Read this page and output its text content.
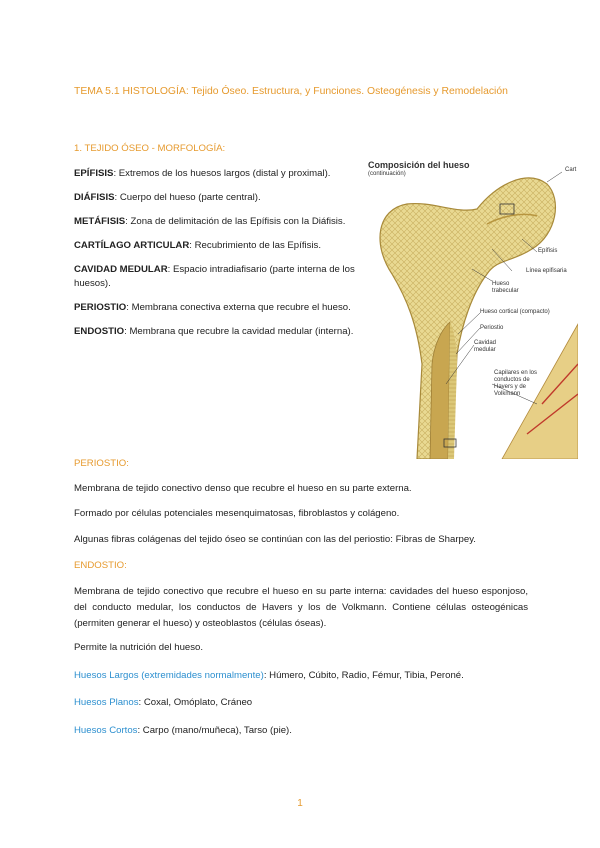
TEMA 5.1 HISTOLOGÍA: Tejido Óseo. Estructura, y Funciones. Osteogénesis y Remodelación
1. TEJIDO ÓSEO - MORFOLOGÍA:

EPÍFISIS: Extremos de los huesos largos (distal y proximal).

DIÁFISIS: Cuerpo del hueso (parte central).

METÁFISIS: Zona de delimitación de las Epífisis con la Diáfisis.

CARTÍLAGO ARTICULAR: Recubrimiento de las Epífisis.

CAVIDAD MEDULAR: Espacio intradiafisario (parte interna de los huesos).

PERIOSTIO: Membrana conectiva externa que recubre el hueso.

ENDOSTIO: Membrana que recubre la cavidad medular (interna).

Composición del hueso
(continuación)
Cart
Línea epifisaria
Epífisis
Hueso trabecular
Hueso cortical (compacto)
Periostio
Cavidad medular
Capilares en los conductos de Havers y de Volkmann
PERIOSTIO:
Membrana de tejido conectivo denso que recubre el hueso en su parte externa.
Formado por células potenciales mesenquimatosas, fibroblastos y colágeno.
Algunas fibras colágenas del tejido óseo se continúan con las del periostio: Fibras de Sharpey.
ENDOSTIO:
Membrana de tejido conectivo que recubre el hueso en su parte interna: cavidades del hueso esponjoso, del conducto medular, los conductos de Havers y los de Volkmann. Contiene células osteogénicas (permiten generar el hueso) y osteoblastos (células óseas).
Permite la nutrición del hueso.
Huesos Largos (extremidades normalmente): Húmero, Cúbito, Radio, Fémur, Tibia, Peroné.
Huesos Planos: Coxal, Omóplato, Cráneo
Huesos Cortos: Carpo (mano/muñeca), Tarso (pie).
1
